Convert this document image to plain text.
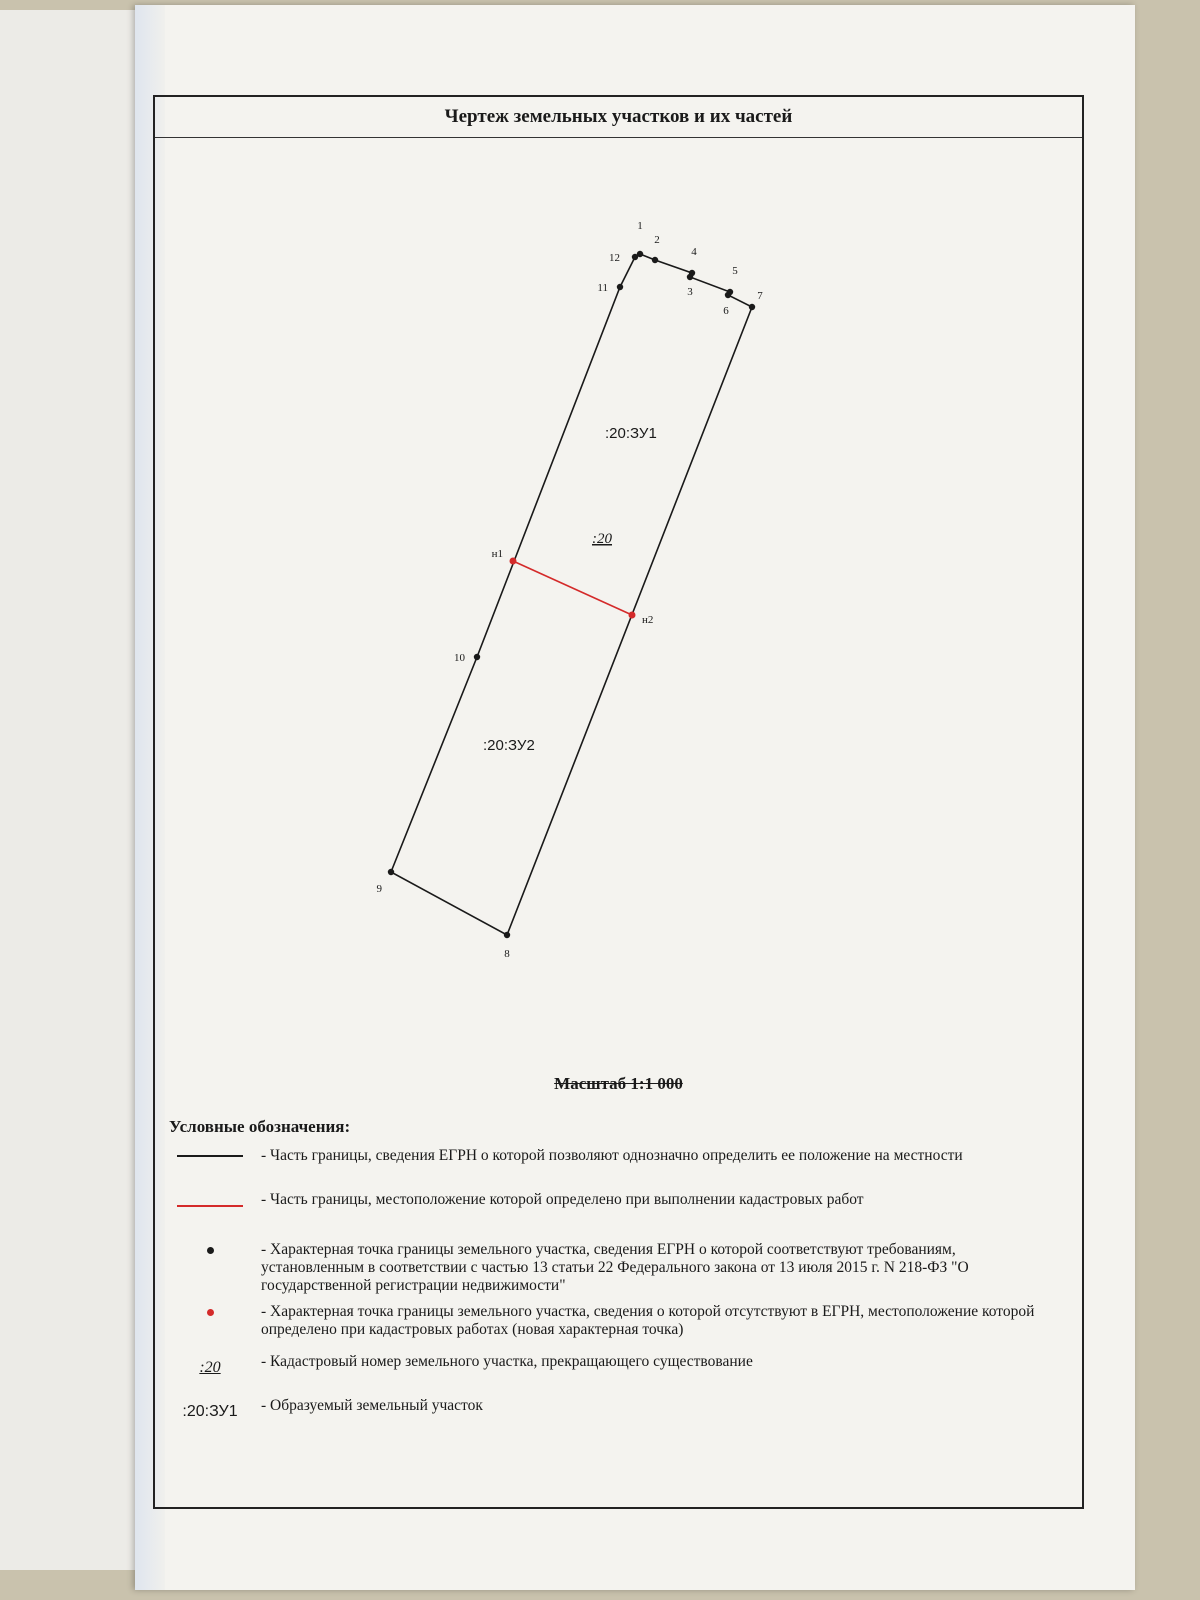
Чертеж земельных участков и их частей
1
2
3
4
5
6
7
8
9
10
11
12
н1
н2
:20:ЗУ1
:20
:20:ЗУ2
Масштаб 1:1 000
Условные обозначения:
- Часть границы, сведения ЕГРН о которой позволяют однозначно определить ее положение на местности
- Часть границы, местоположение которой определено при выполнении кадастровых работ
- Характерная точка границы земельного участка, сведения ЕГРН о которой соответствуют требованиям, установленным в соответствии с частью 13 статьи 22 Федерального закона от 13 июля 2015 г. N 218-ФЗ "О государственной регистрации недвижимости"
- Характерная точка границы земельного участка, сведения о которой отсутствуют в ЕГРН, местоположение которой определено при кадастровых работах (новая характерная точка)
:20	- Кадастровый номер земельного участка, прекращающего существование
:20:ЗУ1	- Образуемый земельный участок
